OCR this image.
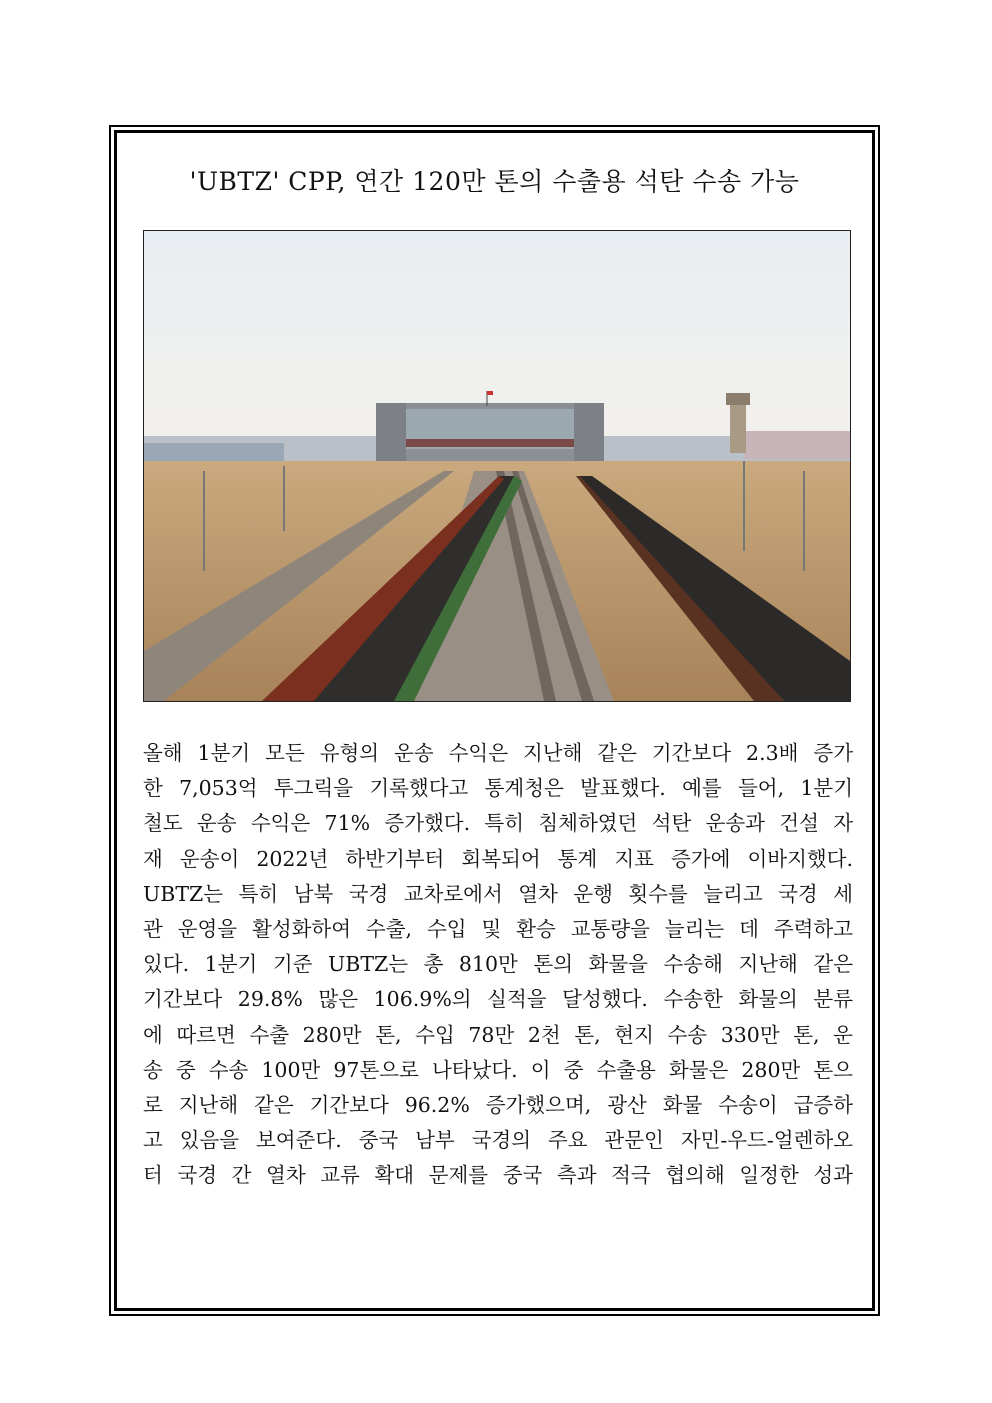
'UBTZ' CPP, 연간 120만 톤의 수출용 석탄 수송 가능
올해 1분기 모든 유형의 운송 수익은 지난해 같은 기간보다 2.3배 증가
한 7,053억 투그릭을 기록했다고 통계청은 발표했다. 예를 들어, 1분기
철도 운송 수익은 71% 증가했다. 특히 침체하였던 석탄 운송과 건설 자
재 운송이 2022년 하반기부터 회복되어 통계 지표 증가에 이바지했다.
UBTZ는 특히 남북 국경 교차로에서 열차 운행 횟수를 늘리고 국경 세
관 운영을 활성화하여 수출, 수입 및 환승 교통량을 늘리는 데 주력하고
있다. 1분기 기준 UBTZ는 총 810만 톤의 화물을 수송해 지난해 같은
기간보다 29.8% 많은 106.9%의 실적을 달성했다. 수송한 화물의 분류
에 따르면 수출 280만 톤, 수입 78만 2천 톤, 현지 수송 330만 톤, 운
송 중 수송 100만 97톤으로 나타났다. 이 중 수출용 화물은 280만 톤으
로 지난해 같은 기간보다 96.2% 증가했으며, 광산 화물 수송이 급증하
고 있음을 보여준다. 중국 남부 국경의 주요 관문인 자민-우드-얼렌하오
터 국경 간 열차 교류 확대 문제를 중국 측과 적극 협의해 일정한 성과
